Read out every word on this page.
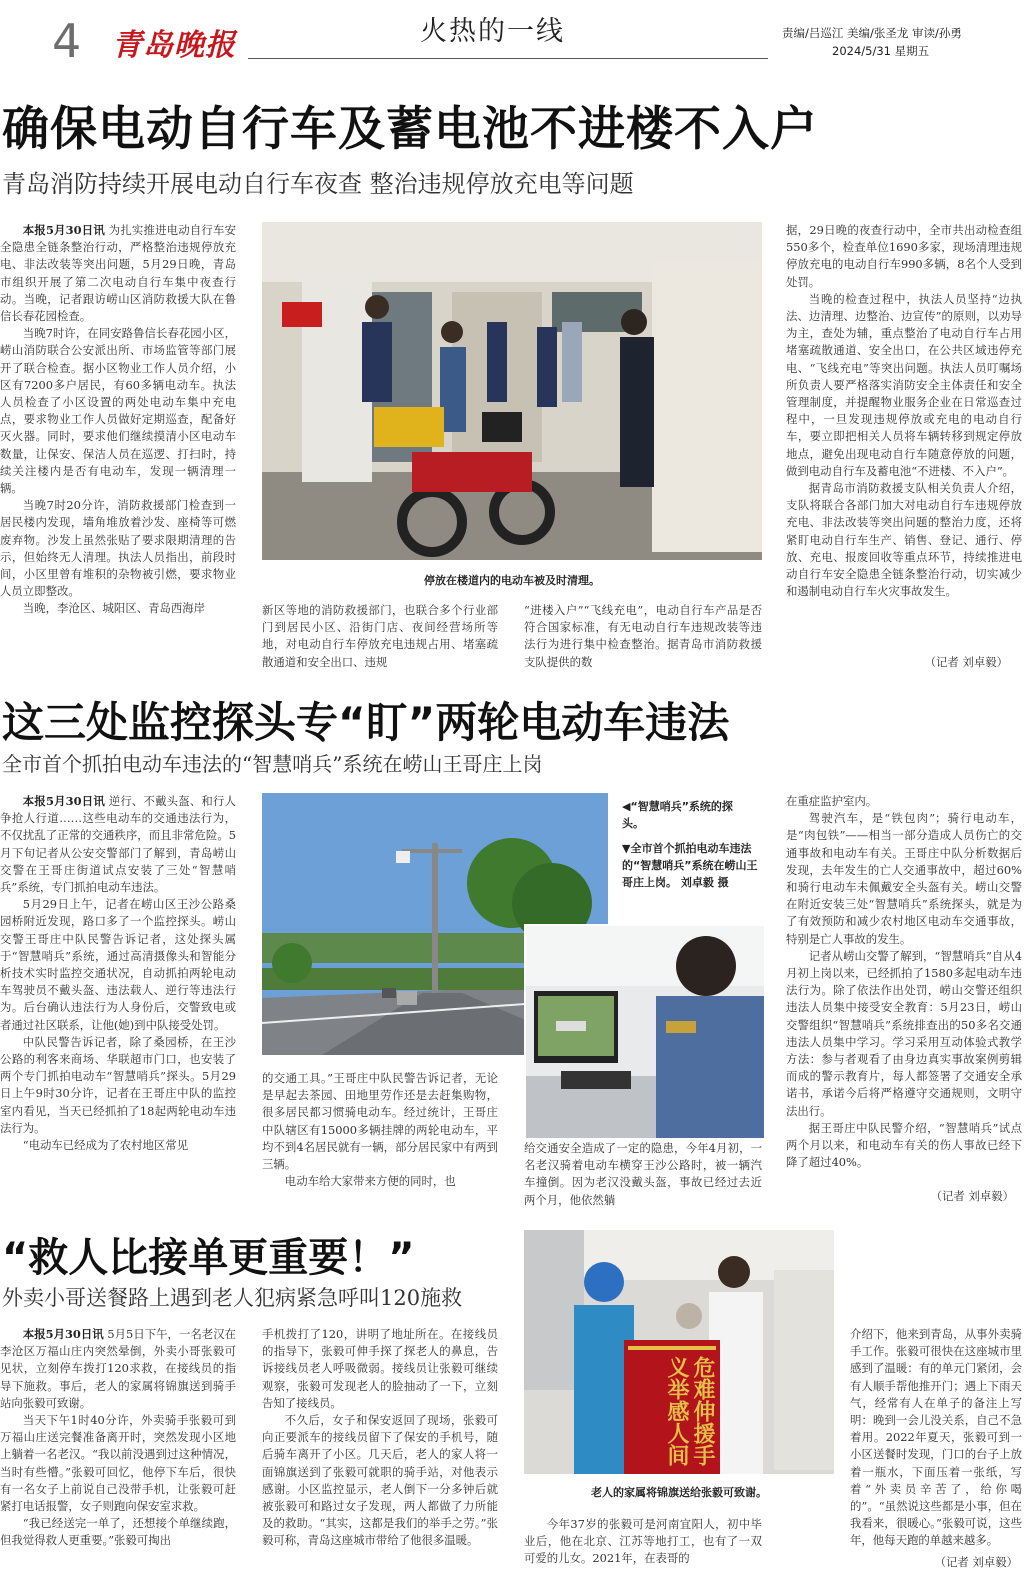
4 青岛晚报	火热的一线	责编/吕巡江 美编/张圣龙 审读/孙勇
2024/5/31 星期五
确保电动自行车及蓄电池不进楼不入户
青岛消防持续开展电动自行车夜查 整治违规停放充电等问题

本报5月30日讯 为扎实推进电动自行车安全隐患全链条整治行动，严格整治违规停放充电、非法改装等突出问题，5月29日晚，青岛市组织开展了第二次电动自行车集中夜查行动。当晚，记者跟访崂山区消防救援大队在鲁信长春花园检查。

当晚7时许，在同安路鲁信长春花园小区，崂山消防联合公安派出所、市场监管等部门展开了联合检查。据小区物业工作人员介绍，小区有7200多户居民，有60多辆电动车。执法人员检查了小区设置的两处电动车集中充电点，要求物业工作人员做好定期巡查，配备好灭火器。同时，要求他们继续摸清小区电动车数量，让保安、保洁人员在巡逻、打扫时，持续关注楼内是否有电动车，发现一辆清理一辆。

当晚7时20分许，消防救援部门检查到一居民楼内发现，墙角堆放着沙发、座椅等可燃废弃物。沙发上虽然张贴了要求限期清理的告示，但始终无人清理。执法人员指出，前段时间，小区里曾有堆积的杂物被引燃，要求物业人员立即整改。

当晚，李沧区、城阳区、青岛西海岸

停放在楼道内的电动车被及时清理。

新区等地的消防救援部门，也联合多个行业部门到居民小区、沿街门店、夜间经营场所等地，对电动自行车停放充电违规占用、堵塞疏散通道和安全出口、违规

“进楼入户”“飞线充电”，电动自行车产品是否符合国家标准，有无电动自行车违规改装等违法行为进行集中检查整治。据青岛市消防救援支队提供的数

据，29日晚的夜查行动中，全市共出动检查组550多个，检查单位1690多家，现场清理违规停放充电的电动自行车990多辆，8名个人受到处罚。

当晚的检查过程中，执法人员坚持“边执法、边清理、边整治、边宣传”的原则，以劝导为主，查处为辅，重点整治了电动自行车占用堵塞疏散通道、安全出口，在公共区域违停充电、“飞线充电”等突出问题。执法人员叮嘱场所负责人要严格落实消防安全主体责任和安全管理制度，并提醒物业服务企业在日常巡查过程中，一旦发现违规停放或充电的电动自行车，要立即把相关人员将车辆转移到规定停放地点，避免出现电动自行车随意停放的问题，做到电动自行车及蓄电池“不进楼、不入户”。

据青岛市消防救援支队相关负责人介绍，支队将联合各部门加大对电动自行车违规停放充电、非法改装等突出问题的整治力度，还将紧盯电动自行车生产、销售、登记、通行、停放、充电、报废回收等重点环节，持续推进电动自行车安全隐患全链条整治行动，切实减少和遏制电动自行车火灾事故发生。

（记者 刘卓毅）
这三处监控探头专“盯”两轮电动车违法
全市首个抓拍电动车违法的“智慧哨兵”系统在崂山王哥庄上岗

本报5月30日讯 逆行、不戴头盔、和行人争抢人行道……这些电动车的交通违法行为，不仅扰乱了正常的交通秩序，而且非常危险。5月下旬记者从公安交警部门了解到，青岛崂山交警在王哥庄街道试点安装了三处“智慧哨兵”系统，专门抓拍电动车违法。

5月29日上午，记者在崂山区王沙公路桑园桥附近发现，路口多了一个监控探头。崂山交警王哥庄中队民警告诉记者，这处探头属于“智慧哨兵”系统，通过高清摄像头和智能分析技术实时监控交通状况，自动抓拍两轮电动车驾驶员不戴头盔、违法载人、逆行等违法行为。后台确认违法行为人身份后，交警致电或者通过社区联系，让他(她)到中队接受处罚。

中队民警告诉记者，除了桑园桥，在王沙公路的利客来商场、华联超市门口，也安装了两个专门抓拍电动车“智慧哨兵”探头。5月29日上午9时30分许，记者在王哥庄中队的监控室内看见，当天已经抓拍了18起两轮电动车违法行为。

“电动车已经成为了农村地区常见

◀“智慧哨兵”系统的探头。
▼全市首个抓拍电动车违法的“智慧哨兵”系统在崂山王哥庄上岗。 刘卓毅 摄

的交通工具。”王哥庄中队民警告诉记者，无论是早起去茶园、田地里劳作还是去赶集购物，很多居民都习惯骑电动车。经过统计，王哥庄中队辖区有15000多辆挂牌的两轮电动车，平均不到4名居民就有一辆，部分居民家中有两到三辆。

电动车给大家带来方便的同时，也

给交通安全造成了一定的隐患，今年4月初，一名老汉骑着电动车横穿王沙公路时，被一辆汽车撞倒。因为老汉没戴头盔，事故已经过去近两个月，他依然躺

在重症监护室内。

驾驶汽车，是“铁包肉”；骑行电动车，是“肉包铁”——相当一部分造成人员伤亡的交通事故和电动车有关。王哥庄中队分析数据后发现，去年发生的亡人交通事故中，超过60%和骑行电动车未佩戴安全头盔有关。崂山交警在附近安装三处“智慧哨兵”系统探头，就是为了有效预防和减少农村地区电动车交通事故，特别是亡人事故的发生。

记者从崂山交警了解到，“智慧哨兵”自从4月初上岗以来，已经抓拍了1580多起电动车违法行为。除了依法作出处罚，崂山交警还组织违法人员集中接受安全教育：5月23日，崂山交警组织“智慧哨兵”系统排查出的50多名交通违法人员集中学习。学习采用互动体验式教学方法：参与者观看了由身边真实事故案例剪辑而成的警示教育片，每人都签署了交通安全承诺书，承诺今后将严格遵守交通规则，文明守法出行。

据王哥庄中队民警介绍，“智慧哨兵”试点两个月以来，和电动车有关的伤人事故已经下降了超过40%。

（记者 刘卓毅）
“救人比接单更重要！”
外卖小哥送餐路上遇到老人犯病紧急呼叫120施救

本报5月30日讯 5月5日下午，一名老汉在李沧区万福山庄内突然晕倒，外卖小哥张毅可见状，立刻停车拨打120求救，在接线员的指导下施救。事后，老人的家属将锦旗送到骑手站向张毅可致谢。

当天下午1时40分许，外卖骑手张毅可到万福山庄送完餐准备离开时，突然发现小区地上躺着一名老汉。“我以前没遇到过这种情况，当时有些懵。”张毅可回忆，他停下车后，很快有一名女子上前说自己没带手机，让张毅可赶紧打电话报警，女子则跑向保安室求救。

“我已经送完一单了，还想接个单继续跑，但我觉得救人更重要。”张毅可掏出

手机拨打了120，讲明了地址所在。在接线员的指导下，张毅可伸手探了探老人的鼻息，告诉接线员老人呼吸微弱。接线员让张毅可继续观察，张毅可发现老人的脸抽动了一下，立刻告知了接线员。

不久后，女子和保安返回了现场，张毅可向正要派车的接线员留下了保安的手机号，随后骑车离开了小区。几天后，老人的家人将一面锦旗送到了张毅可就职的骑手站，对他表示感谢。小区监控显示，老人倒下一分多钟后就被张毅可和路过女子发现，两人都做了力所能及的救助。“其实，这都是我们的举手之劳。”张毅可称，青岛这座城市带给了他很多温暖。

危难伸援手 义举感人间
老人的家属将锦旗送给张毅可致谢。

今年37岁的张毅可是河南宜阳人，初中毕业后，他在北京、江苏等地打工，也有了一双可爱的儿女。2021年，在表哥的

介绍下，他来到青岛，从事外卖骑手工作。张毅可很快在这座城市里感到了温暖：有的单元门紧闭，会有人顺手帮他推开门；遇上下雨天气，经常有人在单子的备注上写明：晚到一会儿没关系，自己不急着用。2022年夏天，张毅可到一小区送餐时发现，门口的台子上放着一瓶水，下面压着一张纸，写着“外卖员辛苦了，给你喝的”。“虽然说这些都是小事，但在我看来，很暖心。”张毅可说，这些年，他每天跑的单越来越多。

（记者 刘卓毅）
